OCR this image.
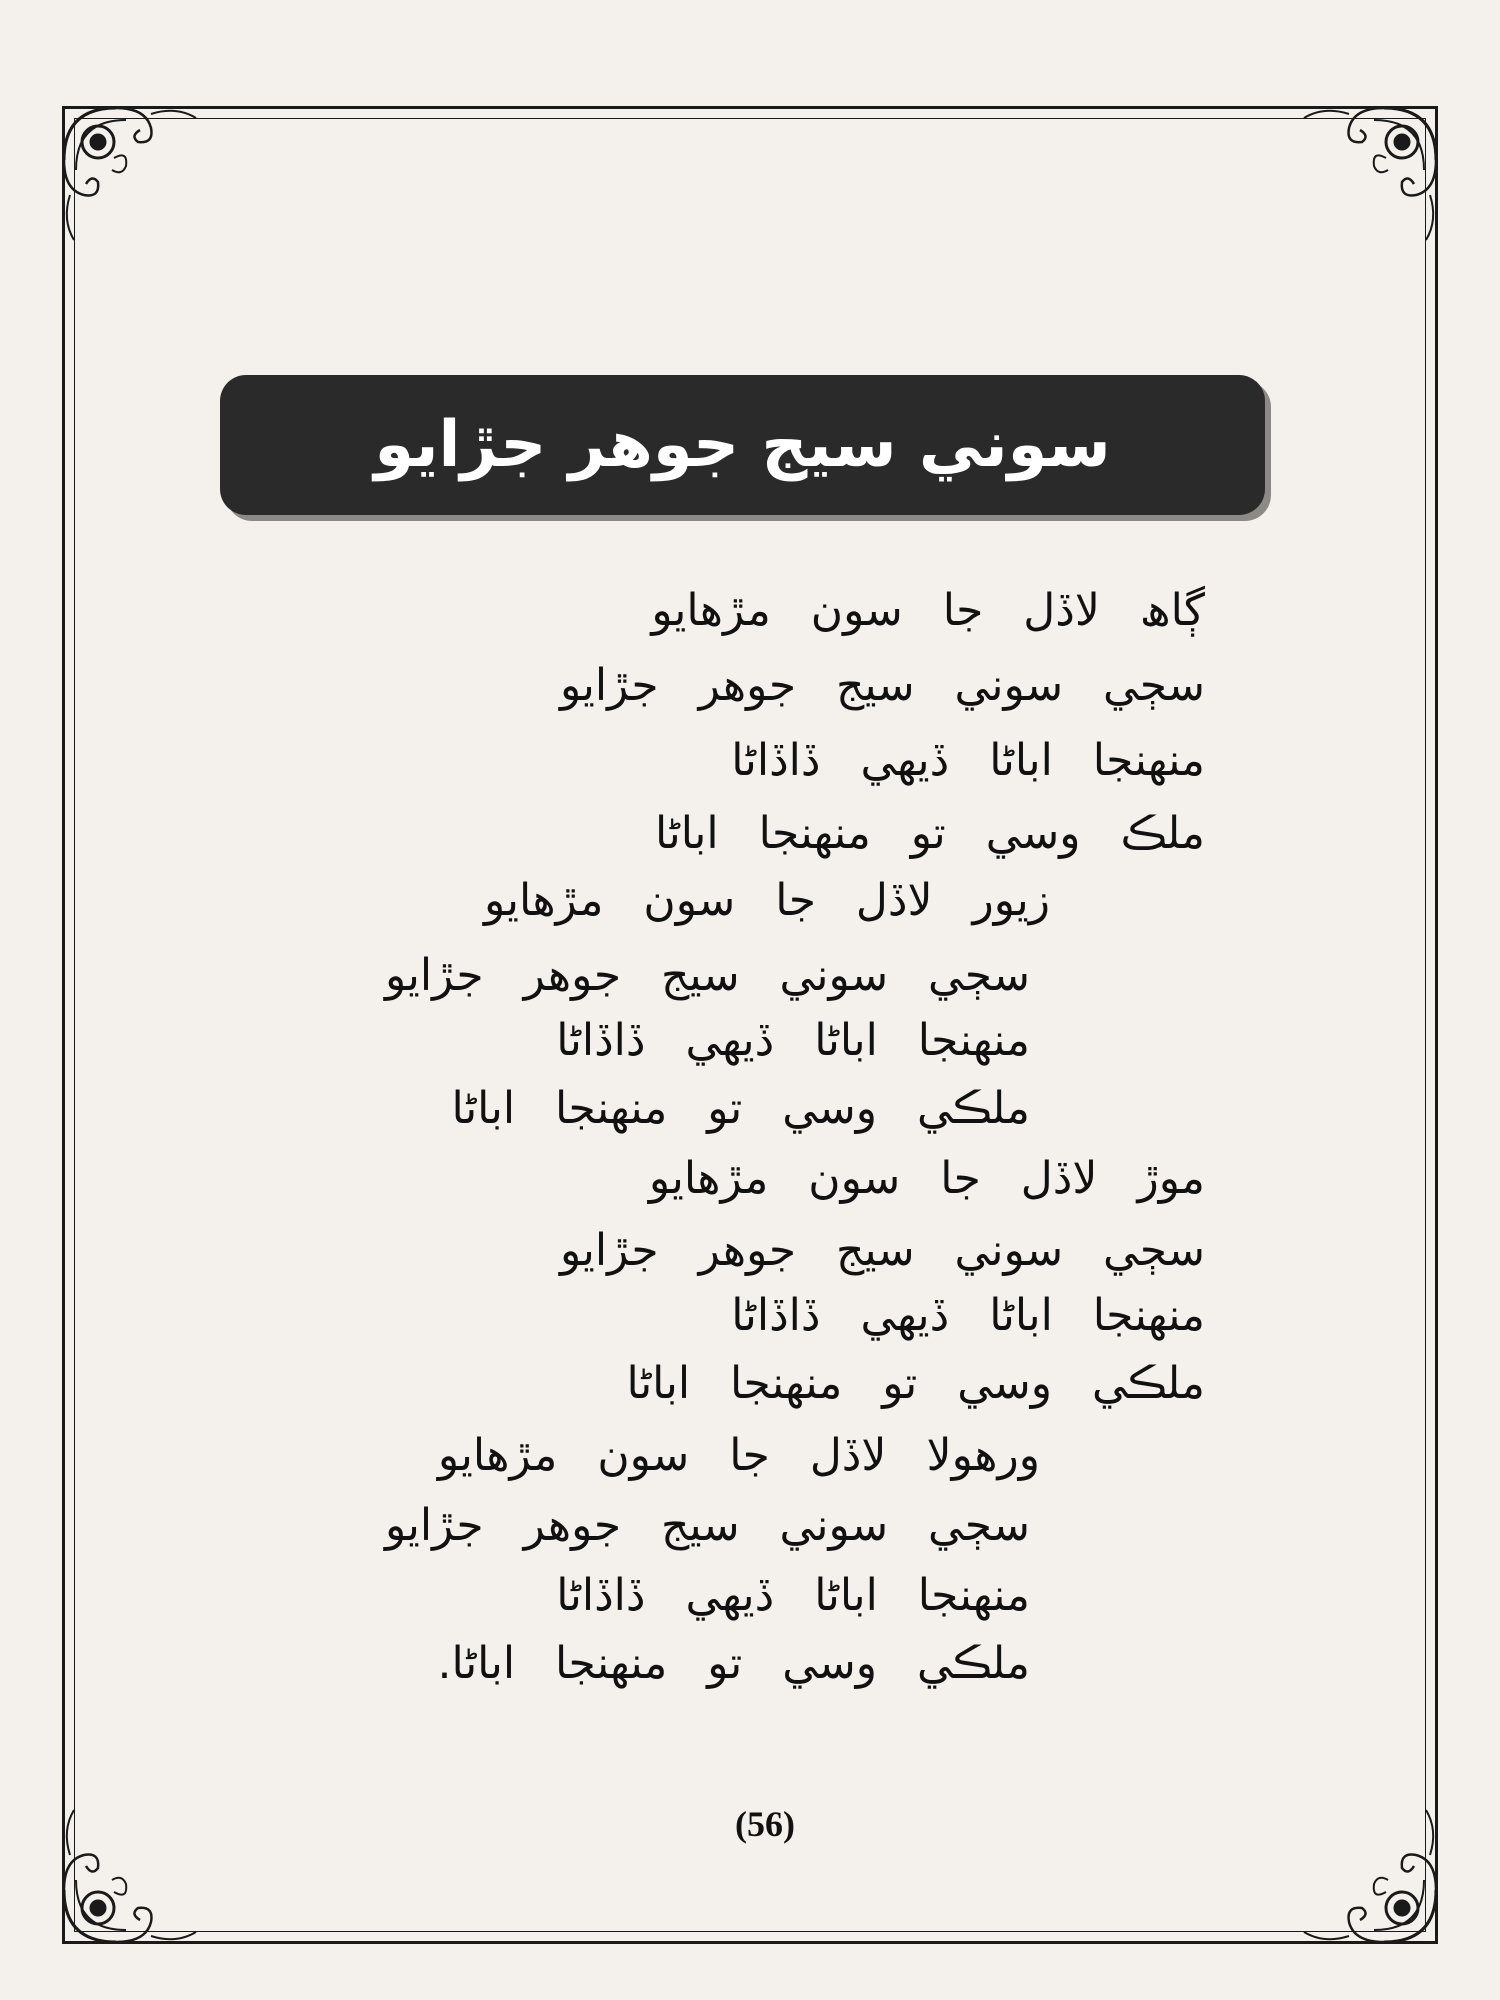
سوني سيج جوهر جڙايو
ڳاھ لاڏل جا سون مڙھايو
سڄي سوني سيج جوهر جڙايو
منهنجا اباڻا ڏيهي ڏاڏاڻا
ملڪ وسي تو منهنجا اباڻا
زيور لاڏل جا سون مڙهايو
سڄي سوني سيج جوهر جڙايو
منهنجا اباڻا ڏيهي ڏاڏاڻا
ملڪي وسي تو منهنجا اباڻا
موڙ لاڏل جا سون مڙهايو
سڄي سوني سيج جوهر جڙايو
منهنجا اباڻا ڏيهي ڏاڏاڻا
ملڪي وسي تو منهنجا اباڻا
ورهولا لاڏل جا سون مڙهايو
سڄي سوني سيج جوهر جڙايو
منهنجا اباڻا ڏيهي ڏاڏاڻا
ملڪي وسي تو منهنجا اباڻا.
(56)
